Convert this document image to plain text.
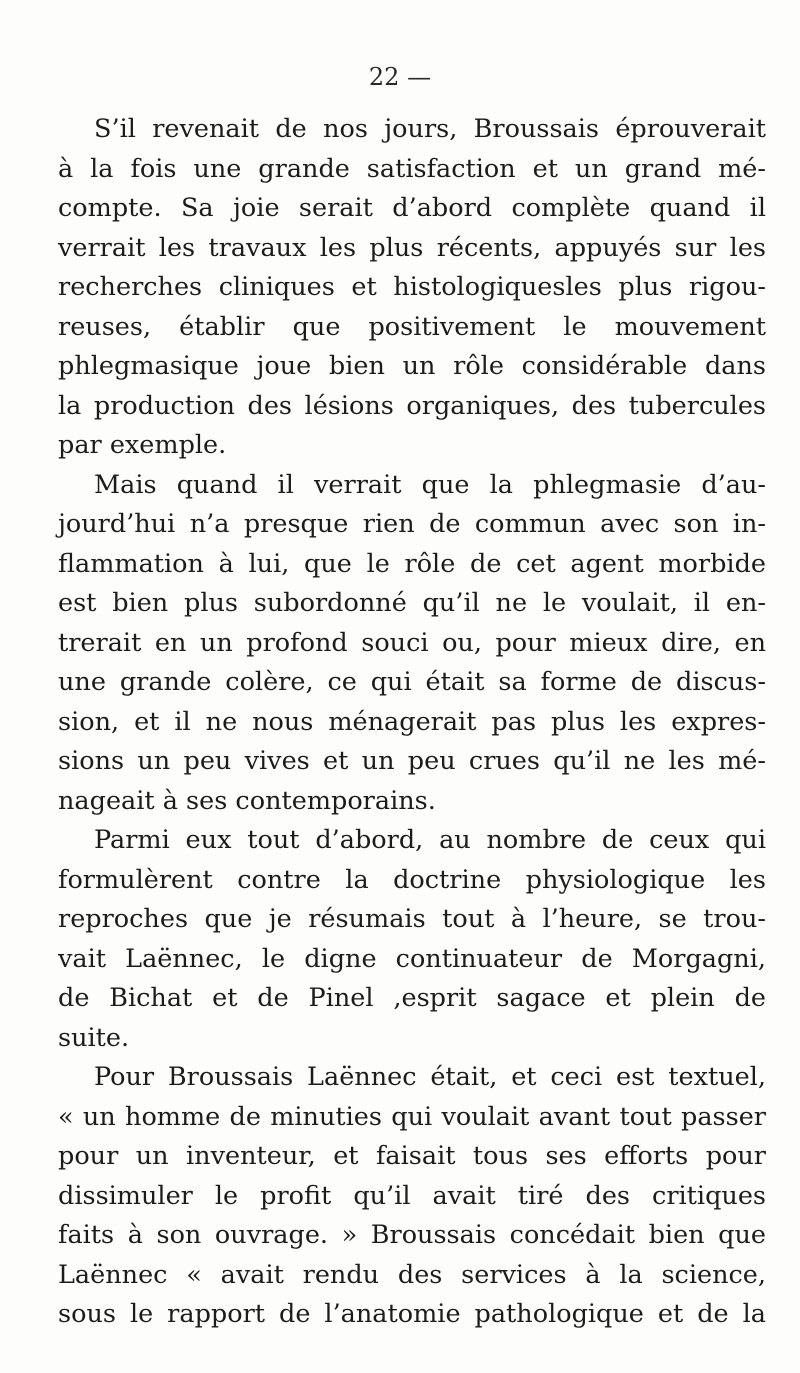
22 —
S’il revenait de nos jours, Broussais éprouverait
à la fois une grande satisfaction et un grand mé-
compte. Sa joie serait d’abord complète quand il
verrait les travaux les plus récents, appuyés sur les
recherches cliniques et histologiquesles plus rigou-
reuses, établir que positivement le mouvement
phlegmasique joue bien un rôle considérable dans
la production des lésions organiques, des tubercules
par exemple.
Mais quand il verrait que la phlegmasie d’au-
jourd’hui n’a presque rien de commun avec son in-
flammation à lui, que le rôle de cet agent morbide
est bien plus subordonné qu’il ne le voulait, il en-
trerait en un profond souci ou, pour mieux dire, en
une grande colère, ce qui était sa forme de discus-
sion, et il ne nous ménagerait pas plus les expres-
sions un peu vives et un peu crues qu’il ne les mé-
nageait à ses contemporains.
Parmi eux tout d’abord, au nombre de ceux qui
formulèrent contre la doctrine physiologique les
reproches que je résumais tout à l’heure, se trou-
vait Laënnec, le digne continuateur de Morgagni,
de Bichat et de Pinel ,esprit sagace et plein de
suite.
Pour Broussais Laënnec était, et ceci est textuel,
« un homme de minuties qui voulait avant tout passer
pour un inventeur, et faisait tous ses efforts pour
dissimuler le profit qu’il avait tiré des critiques
faits à son ouvrage. » Broussais concédait bien que
Laënnec « avait rendu des services à la science,
sous le rapport de l’anatomie pathologique et de la
